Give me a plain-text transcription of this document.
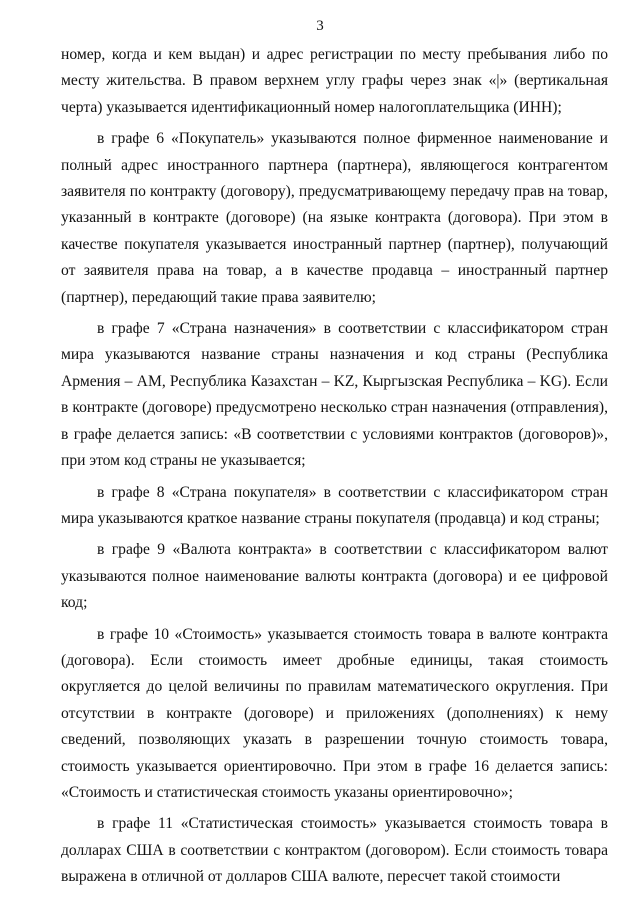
3

номер, когда и кем выдан) и адрес регистрации по месту пребывания либо по месту жительства. В правом верхнем углу графы через знак «|» (вертикальная черта) указывается идентификационный номер налогоплательщика (ИНН);

в графе 6 «Покупатель» указываются полное фирменное наименование и полный адрес иностранного партнера (партнера), являющегося контрагентом заявителя по контракту (договору), предусматривающему передачу прав на товар, указанный в контракте (договоре) (на языке контракта (договора). При этом в качестве покупателя указывается иностранный партнер (партнер), получающий от заявителя права на товар, а в качестве продавца – иностранный партнер (партнер), передающий такие права заявителю;

в графе 7 «Страна назначения» в соответствии с классификатором стран мира указываются название страны назначения и код страны (Республика Армения – AM, Республика Казахстан – KZ, Кыргызская Республика – KG). Если в контракте (договоре) предусмотрено несколько стран назначения (отправления), в графе делается запись: «В соответствии с условиями контрактов (договоров)», при этом код страны не указывается;

в графе 8 «Страна покупателя» в соответствии с классификатором стран мира указываются краткое название страны покупателя (продавца) и код страны;

в графе 9 «Валюта контракта» в соответствии с классификатором валют указываются полное наименование валюты контракта (договора) и ее цифровой код;

в графе 10 «Стоимость» указывается стоимость товара в валюте контракта (договора). Если стоимость имеет дробные единицы, такая стоимость округляется до целой величины по правилам математического округления. При отсутствии в контракте (договоре) и приложениях (дополнениях) к нему сведений, позволяющих указать в разрешении точную стоимость товара, стоимость указывается ориентировочно. При этом в графе 16 делается запись: «Стоимость и статистическая стоимость указаны ориентировочно»;

в графе 11 «Статистическая стоимость» указывается стоимость товара в долларах США в соответствии с контрактом (договором). Если стоимость товара выражена в отличной от долларов США валюте, пересчет такой стоимости
